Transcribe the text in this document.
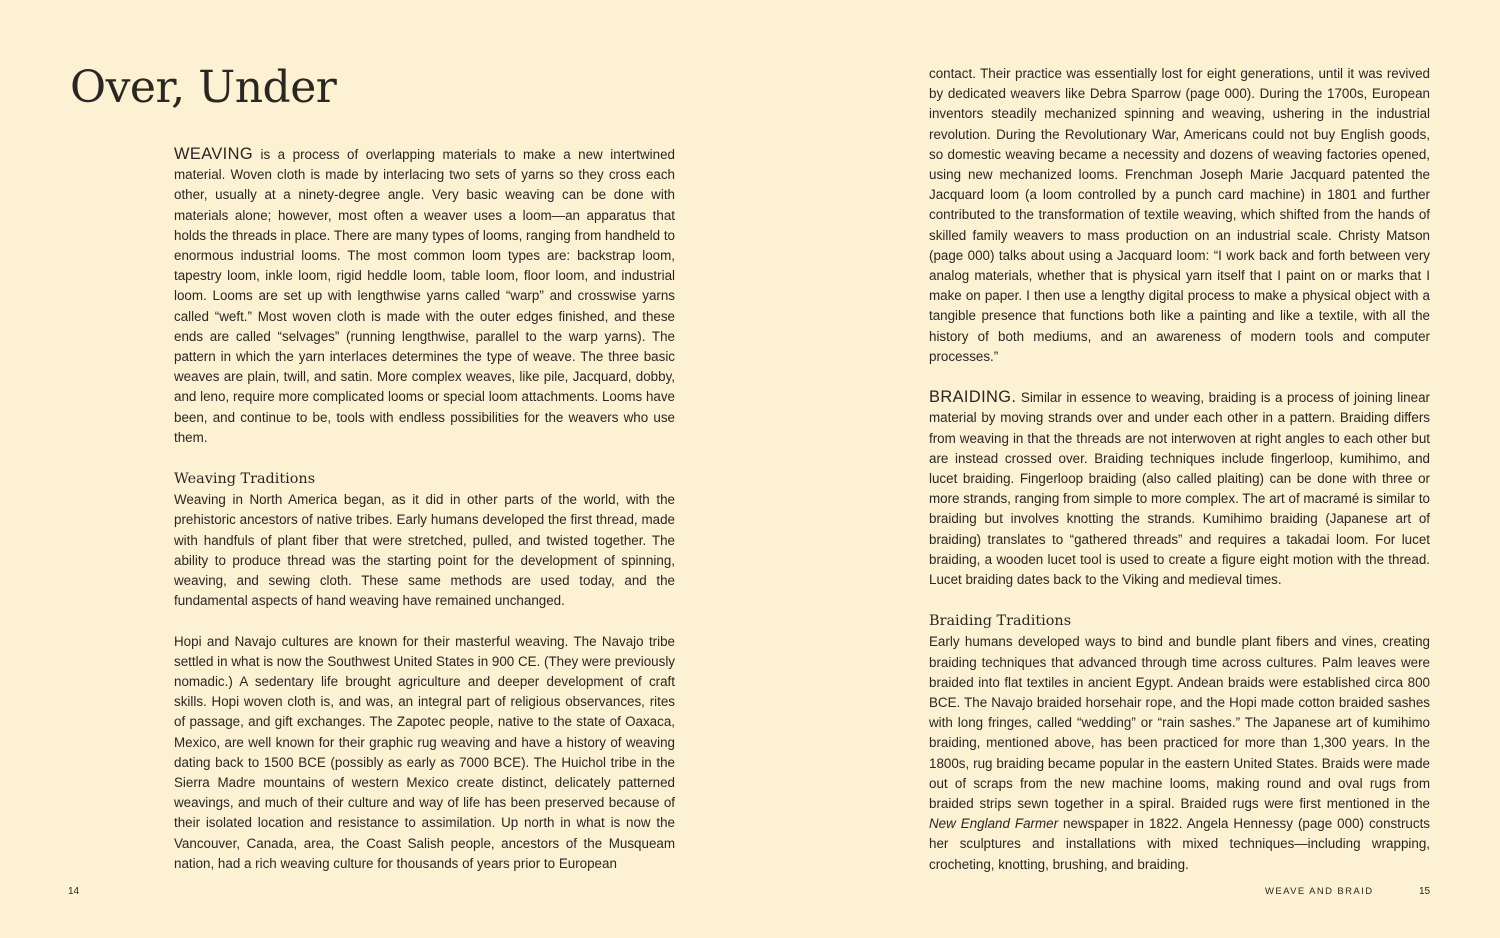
Over, Under

WEAVING is a process of overlapping materials to make a new intertwined material. Woven cloth is made by interlacing two sets of yarns so they cross each other, usually at a ninety-degree angle. Very basic weaving can be done with materials alone; however, most often a weaver uses a loom—an apparatus that holds the threads in place. There are many types of looms, ranging from handheld to enormous industrial looms. The most common loom types are: backstrap loom, tapestry loom, inkle loom, rigid heddle loom, table loom, floor loom, and industrial loom. Looms are set up with lengthwise yarns called “warp” and crosswise yarns called “weft.” Most woven cloth is made with the outer edges finished, and these ends are called “selvages” (running lengthwise, parallel to the warp yarns). The pattern in which the yarn interlaces determines the type of weave. The three basic weaves are plain, twill, and satin. More complex weaves, like pile, Jacquard, dobby, and leno, require more complicated looms or special loom attachments. Looms have been, and continue to be, tools with endless possibilities for the weavers who use them.

Weaving Traditions

Weaving in North America began, as it did in other parts of the world, with the prehistoric ancestors of native tribes. Early humans developed the first thread, made with handfuls of plant fiber that were stretched, pulled, and twisted together. The ability to produce thread was the starting point for the development of spinning, weaving, and sewing cloth. These same methods are used today, and the fundamental aspects of hand weaving have remained unchanged.

Hopi and Navajo cultures are known for their masterful weaving. The Navajo tribe settled in what is now the Southwest United States in 900 CE. (They were previously nomadic.) A sedentary life brought agriculture and deeper development of craft skills. Hopi woven cloth is, and was, an integral part of religious observances, rites of passage, and gift exchanges. The Zapotec people, native to the state of Oaxaca, Mexico, are well known for their graphic rug weaving and have a history of weaving dating back to 1500 BCE (possibly as early as 7000 BCE). The Huichol tribe in the Sierra Madre mountains of western Mexico create distinct, delicately patterned weavings, and much of their culture and way of life has been preserved because of their isolated location and resistance to assimilation. Up north in what is now the Vancouver, Canada, area, the Coast Salish people, ancestors of the Musqueam nation, had a rich weaving culture for thousands of years prior to European

contact. Their practice was essentially lost for eight generations, until it was revived by dedicated weavers like Debra Sparrow (page 000). During the 1700s, European inventors steadily mechanized spinning and weaving, ushering in the industrial revolution. During the Revolutionary War, Americans could not buy English goods, so domestic weaving became a necessity and dozens of weaving factories opened, using new mechanized looms. Frenchman Joseph Marie Jacquard patented the Jacquard loom (a loom controlled by a punch card machine) in 1801 and further contributed to the transformation of textile weaving, which shifted from the hands of skilled family weavers to mass production on an industrial scale. Christy Matson (page 000) talks about using a Jacquard loom: “I work back and forth between very analog materials, whether that is physical yarn itself that I paint on or marks that I make on paper. I then use a lengthy digital process to make a physical object with a tangible presence that functions both like a painting and like a textile, with all the history of both mediums, and an awareness of modern tools and computer processes.”

BRAIDING. Similar in essence to weaving, braiding is a process of joining linear material by moving strands over and under each other in a pattern. Braiding differs from weaving in that the threads are not interwoven at right angles to each other but are instead crossed over. Braiding techniques include fingerloop, kumihimo, and lucet braiding. Fingerloop braiding (also called plaiting) can be done with three or more strands, ranging from simple to more complex. The art of macramé is similar to braiding but involves knotting the strands. Kumihimo braiding (Japanese art of braiding) translates to “gathered threads” and requires a takadai loom. For lucet braiding, a wooden lucet tool is used to create a figure eight motion with the thread. Lucet braiding dates back to the Viking and medieval times.

Braiding Traditions

Early humans developed ways to bind and bundle plant fibers and vines, creating braiding techniques that advanced through time across cultures. Palm leaves were braided into flat textiles in ancient Egypt. Andean braids were established circa 800 BCE. The Navajo braided horsehair rope, and the Hopi made cotton braided sashes with long fringes, called “wedding” or “rain sashes.” The Japanese art of kumihimo braiding, mentioned above, has been practiced for more than 1,300 years. In the 1800s, rug braiding became popular in the eastern United States. Braids were made out of scraps from the new machine looms, making round and oval rugs from braided strips sewn together in a spiral. Braided rugs were first mentioned in the New England Farmer newspaper in 1822. Angela Hennessy (page 000) constructs her sculptures and installations with mixed techniques—including wrapping, crocheting, knotting, brushing, and braiding.

14	WEAVE AND BRAID	15
